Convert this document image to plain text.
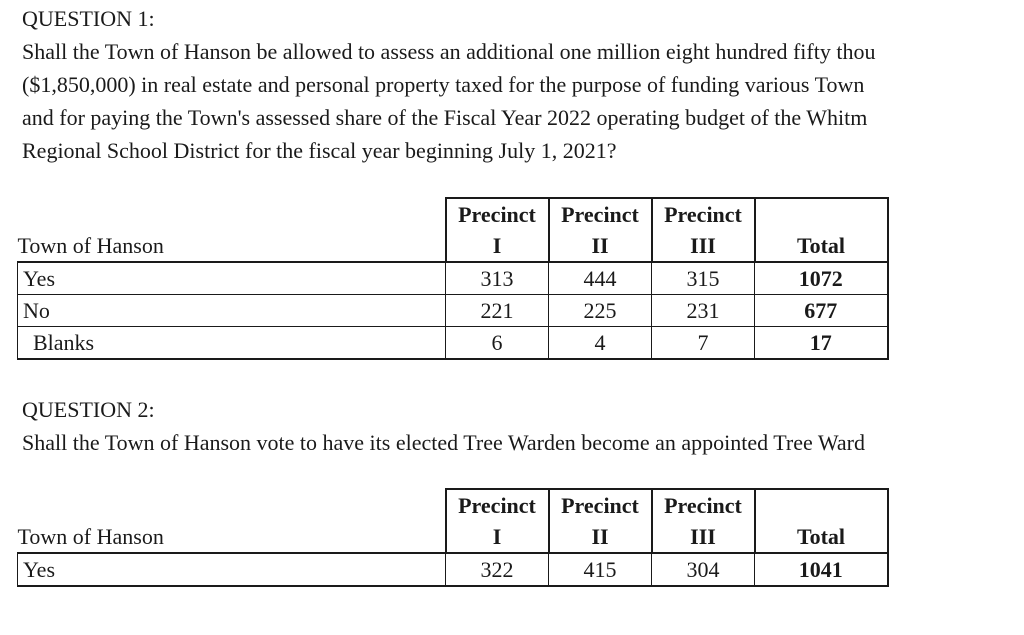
QUESTION 1:
Shall the Town of Hanson be allowed to assess an additional one million eight hundred fifty thou
($1,850,000) in real estate and personal property taxed for the purpose of funding various Town
and for paying the Town's assessed share of the Fiscal Year 2022 operating budget of the Whitm
Regional School District for the fiscal year beginning July 1, 2021?
	Precinct	Precinct	Precinct	
Town of Hanson	I	II	III	Total
Yes	313	444	315	1072
No	221	225	231	677
Blanks	6	4	7	17
QUESTION 2:
Shall the Town of Hanson vote to have its elected Tree Warden become an appointed Tree Ward
	Precinct	Precinct	Precinct	
Town of Hanson	I	II	III	Total
Yes	322	415	304	1041
